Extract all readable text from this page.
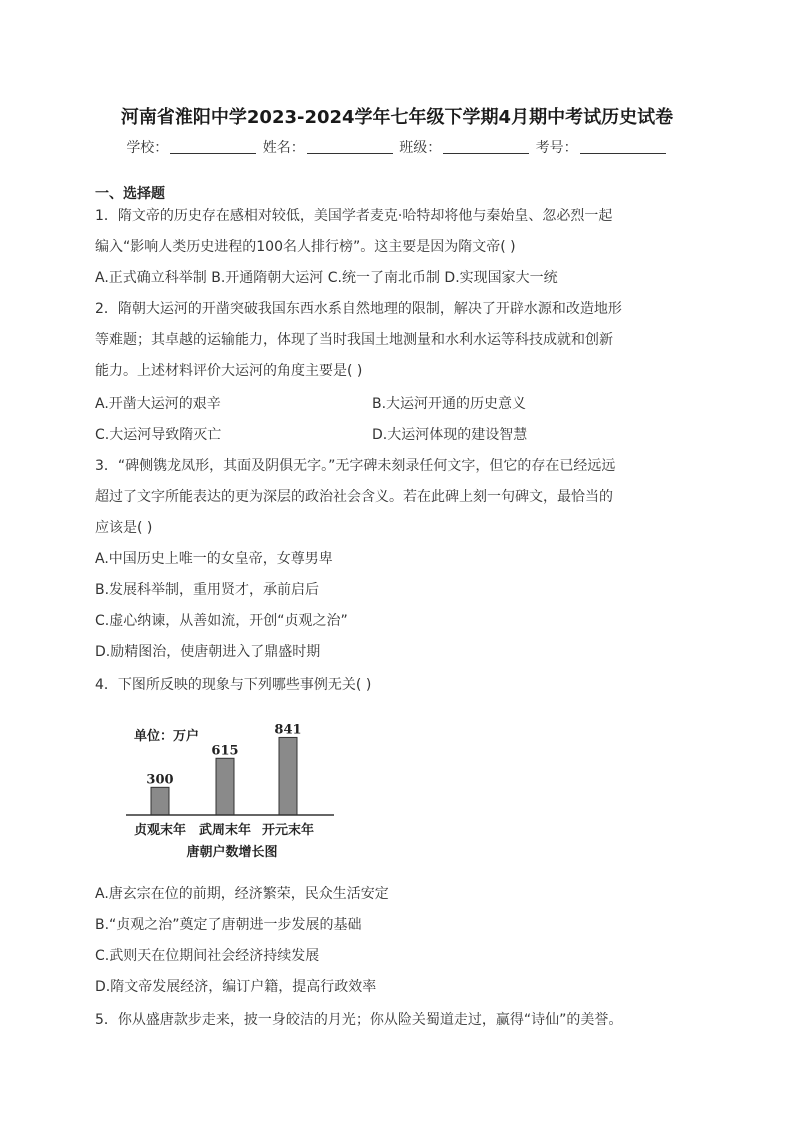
河南省淮阳中学2023-2024学年七年级下学期4月期中考试历史试卷
学校：	姓名：	班级：	考号：
一、选择题
1．隋文帝的历史存在感相对较低，美国学者麦克·哈特却将他与秦始皇、忽必烈一起
编入“影响人类历史进程的100名人排行榜”。这主要是因为隋文帝( )
A.正式确立科举制 B.开通隋朝大运河 C.统一了南北币制 D.实现国家大一统
2．隋朝大运河的开凿突破我国东西水系自然地理的限制，解决了开辟水源和改造地形
等难题；其卓越的运输能力，体现了当时我国土地测量和水利水运等科技成就和创新
能力。上述材料评价大运河的角度主要是( )
A.开凿大运河的艰辛	B.大运河开通的历史意义
C.大运河导致隋灭亡	D.大运河体现的建设智慧
3．“碑侧镌龙凤形，其面及阴俱无字。”无字碑未刻录任何文字，但它的存在已经远远
超过了文字所能表达的更为深层的政治社会含义。若在此碑上刻一句碑文，最恰当的
应该是( )
A.中国历史上唯一的女皇帝，女尊男卑
B.发展科举制，重用贤才，承前启后
C.虚心纳谏，从善如流，开创“贞观之治”
D.励精图治，使唐朝进入了鼎盛时期
4．下图所反映的现象与下列哪些事例无关( )
单位：万户
300
615
841
贞观末年 武周末年 开元末年
唐朝户数增长图
A.唐玄宗在位的前期，经济繁荣，民众生活安定
B.“贞观之治”奠定了唐朝进一步发展的基础
C.武则天在位期间社会经济持续发展
D.隋文帝发展经济，编订户籍，提高行政效率
5．你从盛唐款步走来，披一身皎洁的月光；你从险关蜀道走过，赢得“诗仙”的美誉。
